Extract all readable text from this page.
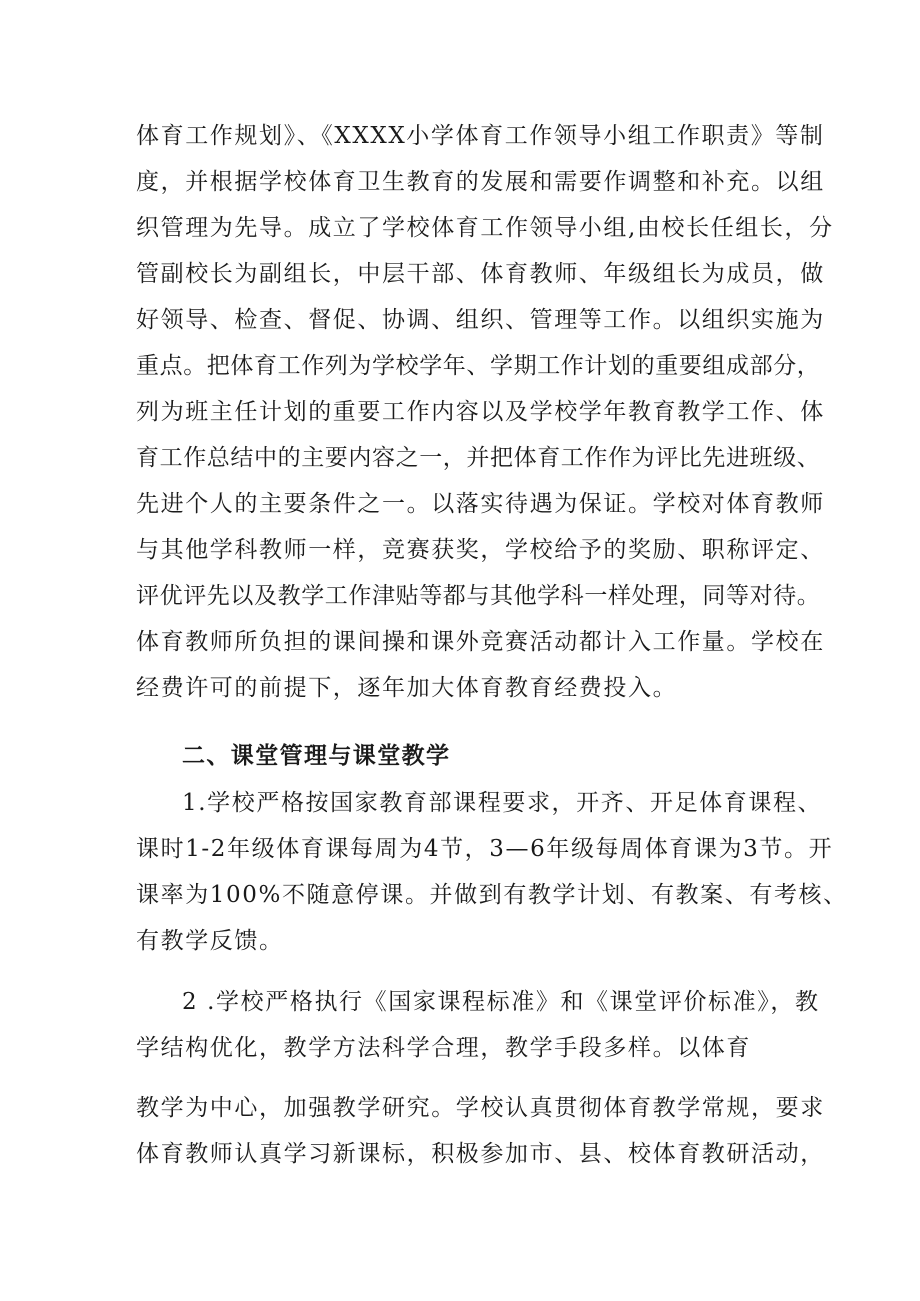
体育工作规划》、《XXXX小学体育工作领导小组工作职责》等制
度，并根据学校体育卫生教育的发展和需要作调整和补充。以组
织管理为先导。成立了学校体育工作领导小组,由校长任组长，分
管副校长为副组长，中层干部、体育教师、年级组长为成员，做
好领导、检查、督促、协调、组织、管理等工作。以组织实施为
重点。把体育工作列为学校学年、学期工作计划的重要组成部分，
列为班主任计划的重要工作内容以及学校学年教育教学工作、体
育工作总结中的主要内容之一，并把体育工作作为评比先进班级、
先进个人的主要条件之一。以落实待遇为保证。学校对体育教师
与其他学科教师一样，竞赛获奖，学校给予的奖励、职称评定、
评优评先以及教学工作津贴等都与其他学科一样处理，同等对待。
体育教师所负担的课间操和课外竞赛活动都计入工作量。学校在
经费许可的前提下，逐年加大体育教育经费投入。
二、课堂管理与课堂教学
1.学校严格按国家教育部课程要求，开齐、开足体育课程、
课时1-2年级体育课每周为4节，3—6年级每周体育课为3节。开
课率为100%不随意停课。并做到有教学计划、有教案、有考核、
有教学反馈。
2 .学校严格执行《国家课程标准》和《课堂评价标准》，教
学结构优化，教学方法科学合理，教学手段多样。以体育
教学为中心，加强教学研究。学校认真贯彻体育教学常规，要求
体育教师认真学习新课标，积极参加市、县、校体育教研活动，
